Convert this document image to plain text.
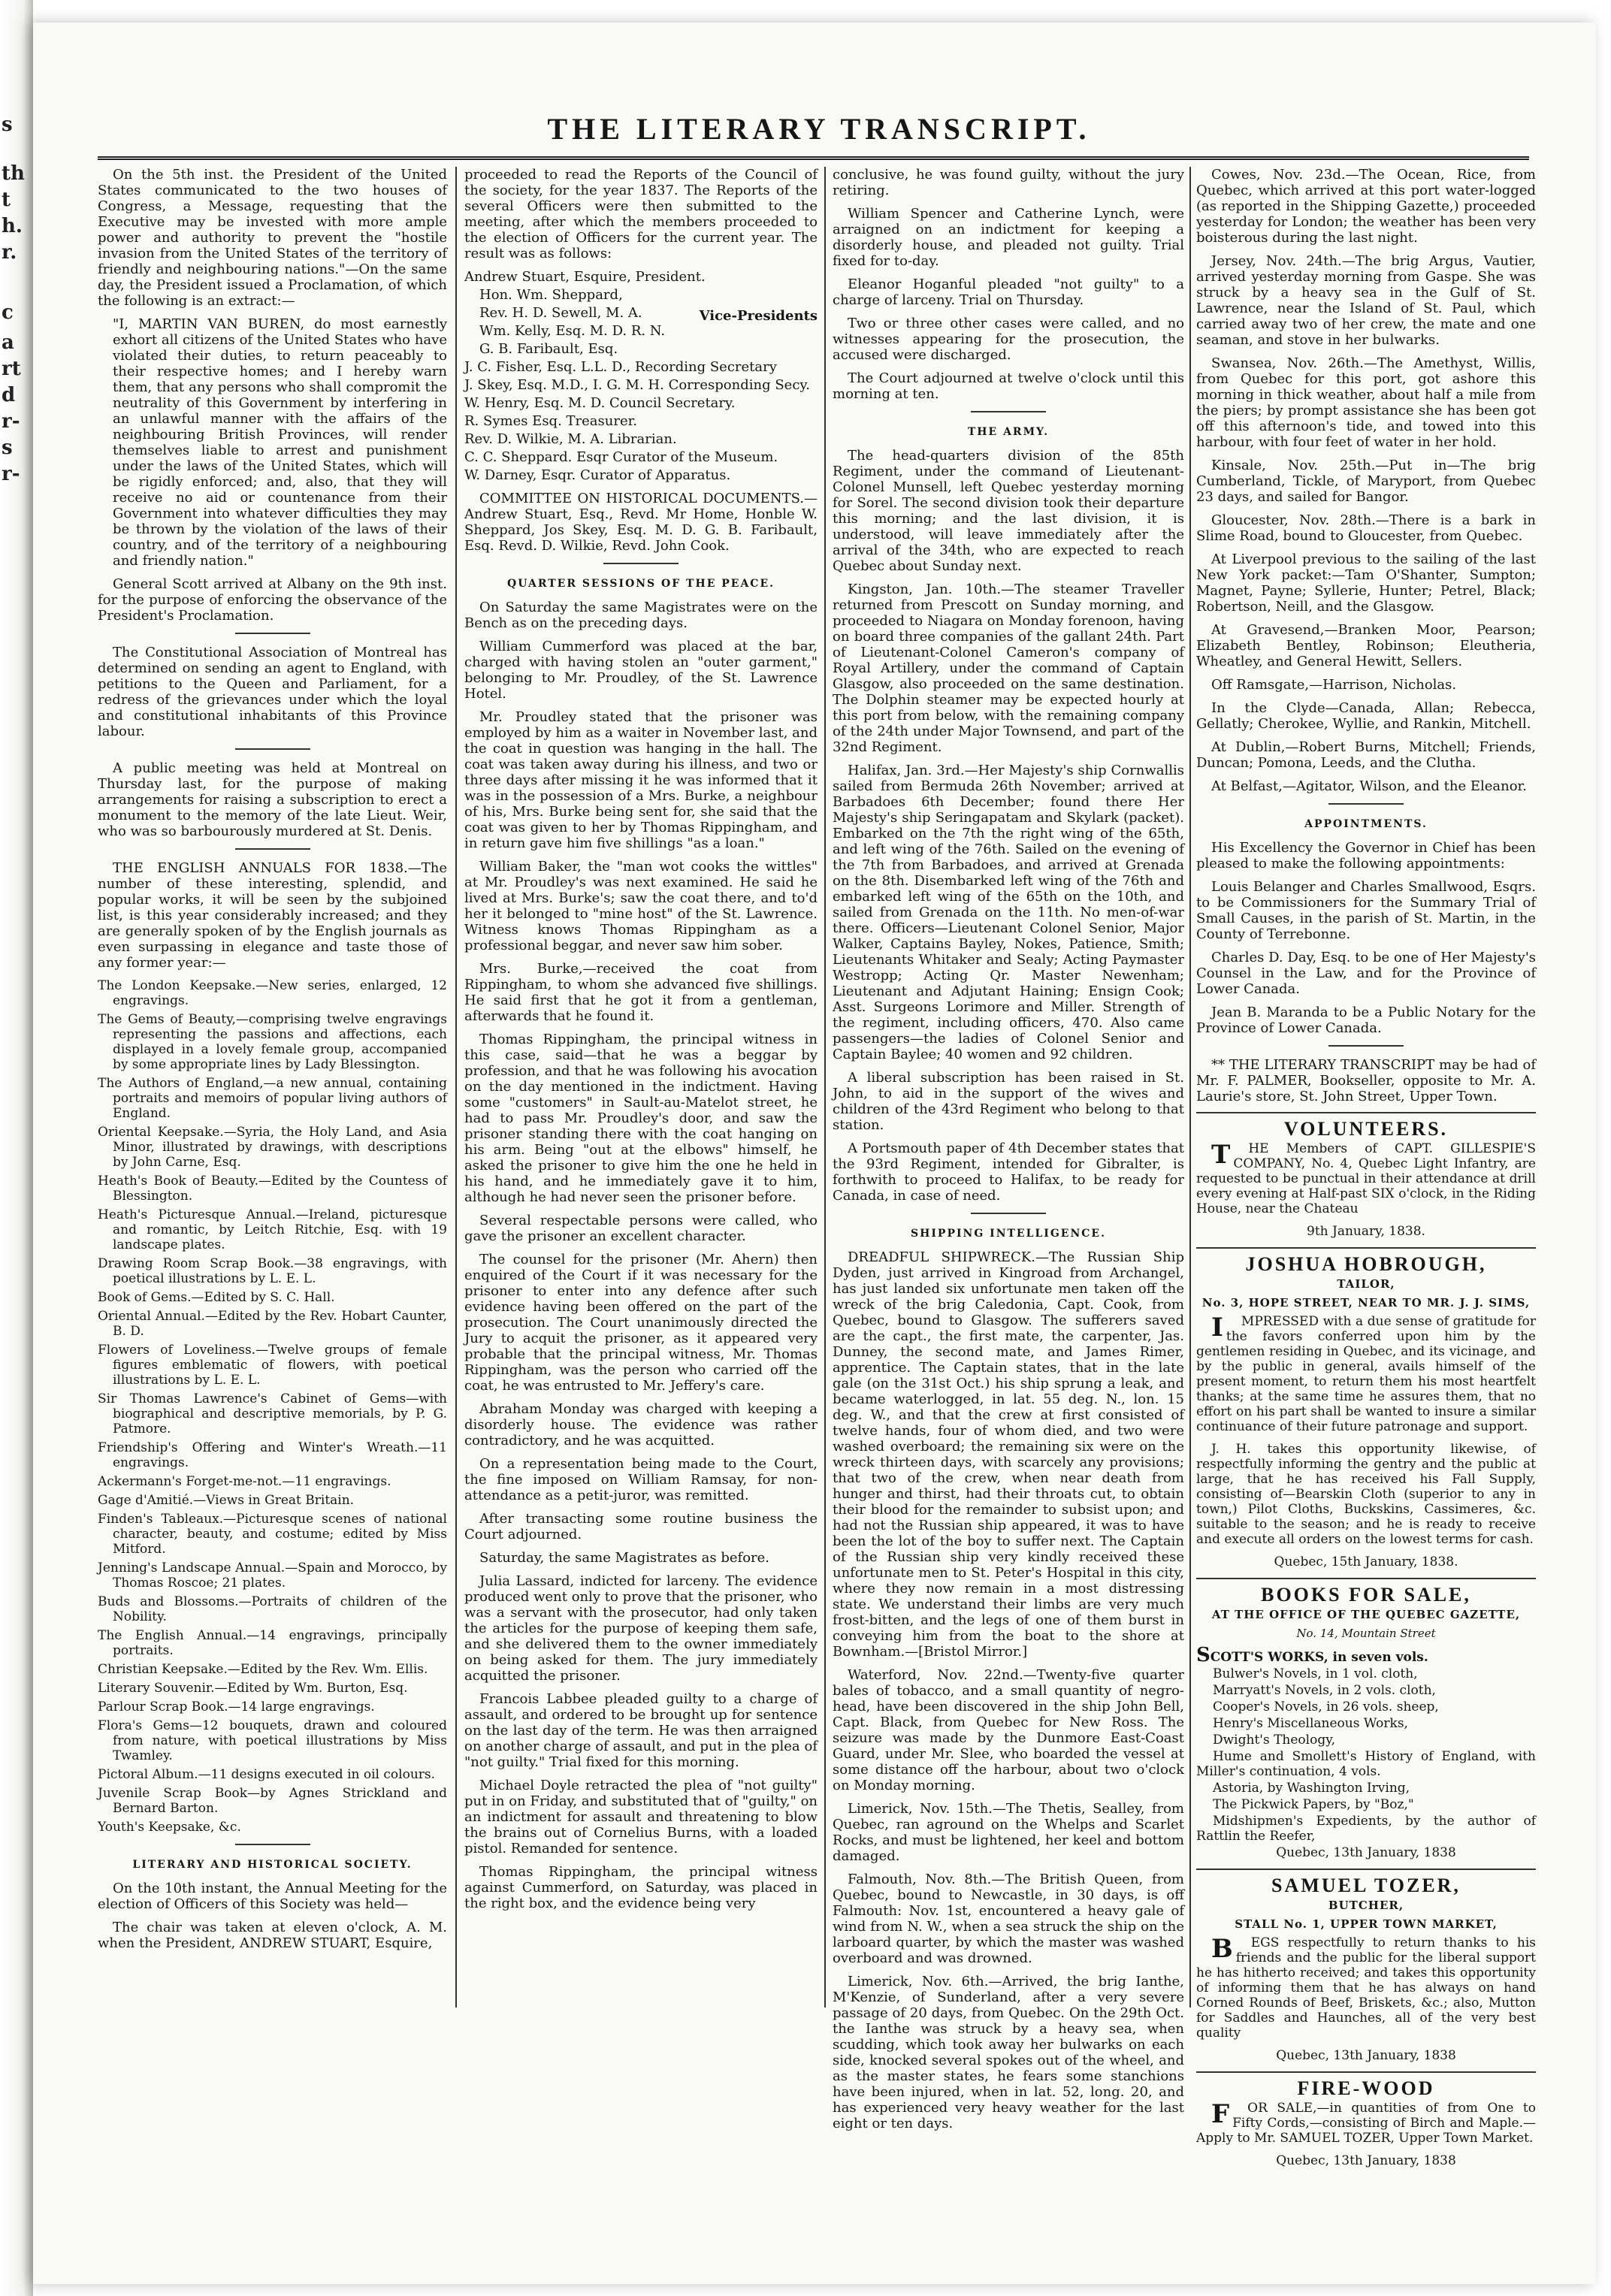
s
th
t
h.
r.
c
a
rt
d
r-
s
r-
THE LITERARY TRANSCRIPT.

On the 5th inst. the President of the United States communicated to the two houses of Congress, a Message, requesting that the Executive may be invested with more ample power and authority to prevent the "hostile invasion from the United States of the territory of friendly and neighbouring nations."—On the same day, the President issued a Proclamation, of which the following is an extract:—

"I, MARTIN VAN BUREN, do most earnestly exhort all citizens of the United States who have violated their duties, to return peaceably to their respective homes; and I hereby warn them, that any persons who shall compromit the neutrality of this Government by interfering in an unlawful manner with the affairs of the neighbouring British Provinces, will render themselves liable to arrest and punishment under the laws of the United States, which will be rigidly enforced; and, also, that they will receive no aid or countenance from their Government into whatever difficulties they may be thrown by the violation of the laws of their country, and of the territory of a neighbouring and friendly nation."

General Scott arrived at Albany on the 9th inst. for the purpose of enforcing the observance of the President's Proclamation.

The Constitutional Association of Montreal has determined on sending an agent to England, with petitions to the Queen and Parliament, for a redress of the grievances under which the loyal and constitutional inhabitants of this Province labour.

A public meeting was held at Montreal on Thursday last, for the purpose of making arrangements for raising a subscription to erect a monument to the memory of the late Lieut. Weir, who was so barbourously murdered at St. Denis.

THE ENGLISH ANNUALS FOR 1838.—The number of these interesting, splendid, and popular works, it will be seen by the subjoined list, is this year considerably increased; and they are generally spoken of by the English journals as even surpassing in elegance and taste those of any former year:—

The London Keepsake.—New series, enlarged, 12 engravings.
The Gems of Beauty,—comprising twelve engravings representing the passions and affections, each displayed in a lovely female group, accompanied by some appropriate lines by Lady Blessington.
The Authors of England,—a new annual, containing portraits and memoirs of popular living authors of England.
Oriental Keepsake.—Syria, the Holy Land, and Asia Minor, illustrated by drawings, with descriptions by John Carne, Esq.
Heath's Book of Beauty.—Edited by the Countess of Blessington.
Heath's Picturesque Annual.—Ireland, picturesque and romantic, by Leitch Ritchie, Esq. with 19 landscape plates.
Drawing Room Scrap Book.—38 engravings, with poetical illustrations by L. E. L.
Book of Gems.—Edited by S. C. Hall.
Oriental Annual.—Edited by the Rev. Hobart Caunter, B. D.
Flowers of Loveliness.—Twelve groups of female figures emblematic of flowers, with poetical illustrations by L. E. L.
Sir Thomas Lawrence's Cabinet of Gems—with biographical and descriptive memorials, by P. G. Patmore.
Friendship's Offering and Winter's Wreath.—11 engravings.
Ackermann's Forget-me-not.—11 engravings.
Gage d'Amitié.—Views in Great Britain.
Finden's Tableaux.—Picturesque scenes of national character, beauty, and costume; edited by Miss Mitford.
Jenning's Landscape Annual.—Spain and Morocco, by Thomas Roscoe; 21 plates.
Buds and Blossoms.—Portraits of children of the Nobility.
The English Annual.—14 engravings, principally portraits.
Christian Keepsake.—Edited by the Rev. Wm. Ellis.
Literary Souvenir.—Edited by Wm. Burton, Esq.
Parlour Scrap Book.—14 large engravings.
Flora's Gems—12 bouquets, drawn and coloured from nature, with poetical illustrations by Miss Twamley.
Pictoral Album.—11 designs executed in oil colours.
Juvenile Scrap Book—by Agnes Strickland and Bernard Barton.
Youth's Keepsake, &c.
LITERARY AND HISTORICAL SOCIETY.

On the 10th instant, the Annual Meeting for the election of Officers of this Society was held—

The chair was taken at eleven o'clock, A. M. when the President, ANDREW STUART, Esquire,

proceeded to read the Reports of the Council of the society, for the year 1837. The Reports of the several Officers were then submitted to the meeting, after which the members proceeded to the election of Officers for the current year. The result was as follows:

Andrew Stuart, Esquire, President.
Hon. Wm. Sheppard,
Rev. H. D. Sewell, M. A.
Wm. Kelly, Esq. M. D. R. N.
G. B. Faribault, Esq.
Vice-Presidents
J. C. Fisher, Esq. L.L. D., Recording Secretary
J. Skey, Esq. M.D., I. G. M. H. Corresponding Secy.
W. Henry, Esq. M. D. Council Secretary.
R. Symes Esq. Treasurer.
Rev. D. Wilkie, M. A. Librarian.
C. C. Sheppard. Esqr Curator of the Museum.
W. Darney, Esqr. Curator of Apparatus.

COMMITTEE ON HISTORICAL DOCUMENTS.—Andrew Stuart, Esq., Revd. Mr Home, Honble W. Sheppard, Jos Skey, Esq. M. D. G. B. Faribault, Esq. Revd. D. Wilkie, Revd. John Cook.

QUARTER SESSIONS OF THE PEACE.

On Saturday the same Magistrates were on the Bench as on the preceding days.

William Cummerford was placed at the bar, charged with having stolen an "outer garment," belonging to Mr. Proudley, of the St. Lawrence Hotel.

Mr. Proudley stated that the prisoner was employed by him as a waiter in November last, and the coat in question was hanging in the hall. The coat was taken away during his illness, and two or three days after missing it he was informed that it was in the possession of a Mrs. Burke, a neighbour of his, Mrs. Burke being sent for, she said that the coat was given to her by Thomas Rippingham, and in return gave him five shillings "as a loan."

William Baker, the "man wot cooks the wittles" at Mr. Proudley's was next examined. He said he lived at Mrs. Burke's; saw the coat there, and to'd her it belonged to "mine host" of the St. Lawrence. Witness knows Thomas Rippingham as a professional beggar, and never saw him sober.

Mrs. Burke,—received the coat from Rippingham, to whom she advanced five shillings. He said first that he got it from a gentleman, afterwards that he found it.

Thomas Rippingham, the principal witness in this case, said—that he was a beggar by profession, and that he was following his avocation on the day mentioned in the indictment. Having some "customers" in Sault-au-Matelot street, he had to pass Mr. Proudley's door, and saw the prisoner standing there with the coat hanging on his arm. Being "out at the elbows" himself, he asked the prisoner to give him the one he held in his hand, and he immediately gave it to him, although he had never seen the prisoner before.

Several respectable persons were called, who gave the prisoner an excellent character.

The counsel for the prisoner (Mr. Ahern) then enquired of the Court if it was necessary for the prisoner to enter into any defence after such evidence having been offered on the part of the prosecution. The Court unanimously directed the Jury to acquit the prisoner, as it appeared very probable that the principal witness, Mr. Thomas Rippingham, was the person who carried off the coat, he was entrusted to Mr. Jeffery's care.

Abraham Monday was charged with keeping a disorderly house. The evidence was rather contradictory, and he was acquitted.

On a representation being made to the Court, the fine imposed on William Ramsay, for non-attendance as a petit-juror, was remitted.

After transacting some routine business the Court adjourned.

Saturday, the same Magistrates as before.

Julia Lassard, indicted for larceny. The evidence produced went only to prove that the prisoner, who was a servant with the prosecutor, had only taken the articles for the purpose of keeping them safe, and she delivered them to the owner immediately on being asked for them. The jury immediately acquitted the prisoner.

Francois Labbee pleaded guilty to a charge of assault, and ordered to be brought up for sentence on the last day of the term. He was then arraigned on another charge of assault, and put in the plea of "not guilty." Trial fixed for this morning.

Michael Doyle retracted the plea of "not guilty" put in on Friday, and substituted that of "guilty," on an indictment for assault and threatening to blow the brains out of Cornelius Burns, with a loaded pistol. Remanded for sentence.

Thomas Rippingham, the principal witness against Cummerford, on Saturday, was placed in the right box, and the evidence being very

conclusive, he was found guilty, without the jury retiring.

William Spencer and Catherine Lynch, were arraigned on an indictment for keeping a disorderly house, and pleaded not guilty. Trial fixed for to-day.

Eleanor Hoganful pleaded "not guilty" to a charge of larceny. Trial on Thursday.

Two or three other cases were called, and no witnesses appearing for the prosecution, the accused were discharged.

The Court adjourned at twelve o'clock until this morning at ten.

THE ARMY.

The head-quarters division of the 85th Regiment, under the command of Lieutenant-Colonel Munsell, left Quebec yesterday morning for Sorel. The second division took their departure this morning; and the last division, it is understood, will leave immediately after the arrival of the 34th, who are expected to reach Quebec about Sunday next.

Kingston, Jan. 10th.—The steamer Traveller returned from Prescott on Sunday morning, and proceeded to Niagara on Monday forenoon, having on board three companies of the gallant 24th. Part of Lieutenant-Colonel Cameron's company of Royal Artillery, under the command of Captain Glasgow, also proceeded on the same destination. The Dolphin steamer may be expected hourly at this port from below, with the remaining company of the 24th under Major Townsend, and part of the 32nd Regiment.

Halifax, Jan. 3rd.—Her Majesty's ship Cornwallis sailed from Bermuda 26th November; arrived at Barbadoes 6th December; found there Her Majesty's ship Seringapatam and Skylark (packet). Embarked on the 7th the right wing of the 65th, and left wing of the 76th. Sailed on the evening of the 7th from Barbadoes, and arrived at Grenada on the 8th. Disembarked left wing of the 76th and embarked left wing of the 65th on the 10th, and sailed from Grenada on the 11th. No men-of-war there. Officers—Lieutenant Colonel Senior, Major Walker, Captains Bayley, Nokes, Patience, Smith; Lieutenants Whitaker and Sealy; Acting Paymaster Westropp; Acting Qr. Master Newenham; Lieutenant and Adjutant Haining; Ensign Cook; Asst. Surgeons Lorimore and Miller. Strength of the regiment, including officers, 470. Also came passengers—the ladies of Colonel Senior and Captain Baylee; 40 women and 92 children.

A liberal subscription has been raised in St. John, to aid in the support of the wives and children of the 43rd Regiment who belong to that station.

A Portsmouth paper of 4th December states that the 93rd Regiment, intended for Gibralter, is forthwith to proceed to Halifax, to be ready for Canada, in case of need.

SHIPPING INTELLIGENCE.

DREADFUL SHIPWRECK.—The Russian Ship Dyden, just arrived in Kingroad from Archangel, has just landed six unfortunate men taken off the wreck of the brig Caledonia, Capt. Cook, from Quebec, bound to Glasgow. The sufferers saved are the capt., the first mate, the carpenter, Jas. Dunney, the second mate, and James Rimer, apprentice. The Captain states, that in the late gale (on the 31st Oct.) his ship sprung a leak, and became waterlogged, in lat. 55 deg. N., lon. 15 deg. W., and that the crew at first consisted of twelve hands, four of whom died, and two were washed overboard; the remaining six were on the wreck thirteen days, with scarcely any provisions; that two of the crew, when near death from hunger and thirst, had their throats cut, to obtain their blood for the remainder to subsist upon; and had not the Russian ship appeared, it was to have been the lot of the boy to suffer next. The Captain of the Russian ship very kindly received these unfortunate men to St. Peter's Hospital in this city, where they now remain in a most distressing state. We understand their limbs are very much frost-bitten, and the legs of one of them burst in conveying him from the boat to the shore at Bownham.—[Bristol Mirror.]

Waterford, Nov. 22nd.—Twenty-five quarter bales of tobacco, and a small quantity of negro-head, have been discovered in the ship John Bell, Capt. Black, from Quebec for New Ross. The seizure was made by the Dunmore East-Coast Guard, under Mr. Slee, who boarded the vessel at some distance off the harbour, about two o'clock on Monday morning.

Limerick, Nov. 15th.—The Thetis, Sealley, from Quebec, ran aground on the Whelps and Scarlet Rocks, and must be lightened, her keel and bottom damaged.

Falmouth, Nov. 8th.—The British Queen, from Quebec, bound to Newcastle, in 30 days, is off Falmouth: Nov. 1st, encountered a heavy gale of wind from N. W., when a sea struck the ship on the larboard quarter, by which the master was washed overboard and was drowned.

Limerick, Nov. 6th.—Arrived, the brig Ianthe, M'Kenzie, of Sunderland, after a very severe passage of 20 days, from Quebec. On the 29th Oct. the Ianthe was struck by a heavy sea, when scudding, which took away her bulwarks on each side, knocked several spokes out of the wheel, and as the master states, he fears some stanchions have been injured, when in lat. 52, long. 20, and has experienced very heavy weather for the last eight or ten days.

Cowes, Nov. 23d.—The Ocean, Rice, from Quebec, which arrived at this port water-logged (as reported in the Shipping Gazette,) proceeded yesterday for London; the weather has been very boisterous during the last night.

Jersey, Nov. 24th.—The brig Argus, Vautier, arrived yesterday morning from Gaspe. She was struck by a heavy sea in the Gulf of St. Lawrence, near the Island of St. Paul, which carried away two of her crew, the mate and one seaman, and stove in her bulwarks.

Swansea, Nov. 26th.—The Amethyst, Willis, from Quebec for this port, got ashore this morning in thick weather, about half a mile from the piers; by prompt assistance she has been got off this afternoon's tide, and towed into this harbour, with four feet of water in her hold.

Kinsale, Nov. 25th.—Put in—The brig Cumberland, Tickle, of Maryport, from Quebec 23 days, and sailed for Bangor.

Gloucester, Nov. 28th.—There is a bark in Slime Road, bound to Gloucester, from Quebec.

At Liverpool previous to the sailing of the last New York packet:—Tam O'Shanter, Sumpton; Magnet, Payne; Syllerie, Hunter; Petrel, Black; Robertson, Neill, and the Glasgow.

At Gravesend,—Branken Moor, Pearson; Elizabeth Bentley, Robinson; Eleutheria, Wheatley, and General Hewitt, Sellers.

Off Ramsgate,—Harrison, Nicholas.

In the Clyde—Canada, Allan; Rebecca, Gellatly; Cherokee, Wyllie, and Rankin, Mitchell.

At Dublin,—Robert Burns, Mitchell; Friends, Duncan; Pomona, Leeds, and the Clutha.

At Belfast,—Agitator, Wilson, and the Eleanor.

APPOINTMENTS.

His Excellency the Governor in Chief has been pleased to make the following appointments:

Louis Belanger and Charles Smallwood, Esqrs. to be Commissioners for the Summary Trial of Small Causes, in the parish of St. Martin, in the County of Terrebonne.

Charles D. Day, Esq. to be one of Her Majesty's Counsel in the Law, and for the Province of Lower Canada.

Jean B. Maranda to be a Public Notary for the Province of Lower Canada.

** THE LITERARY TRANSCRIPT may be had of Mr. F. PALMER, Bookseller, opposite to Mr. A. Laurie's store, St. John Street, Upper Town.

VOLUNTEERS.

T HE Members of CAPT. GILLESPIE'S COMPANY, No. 4, Quebec Light Infantry, are requested to be punctual in their attendance at drill every evening at Half-past SIX o'clock, in the Riding House, near the Chateau

9th January, 1838.
JOSHUA HOBROUGH,
TAILOR,
No. 3, HOPE STREET, NEAR TO MR. J. J. SIMS,

I MPRESSED with a due sense of gratitude for the favors conferred upon him by the gentlemen residing in Quebec, and its vicinage, and by the public in general, avails himself of the present moment, to return them his most heartfelt thanks; at the same time he assures them, that no effort on his part shall be wanted to insure a similar continuance of their future patronage and support.

J. H. takes this opportunity likewise, of respectfully informing the gentry and the public at large, that he has received his Fall Supply, consisting of—Bearskin Cloth (superior to any in town,) Pilot Cloths, Buckskins, Cassimeres, &c. suitable to the season; and he is ready to receive and execute all orders on the lowest terms for cash.

Quebec, 15th January, 1838.
BOOKS FOR SALE,
AT THE OFFICE OF THE QUEBEC GAZETTE,
No. 14, Mountain Street
SCOTT'S WORKS, in seven vols.
Bulwer's Novels, in 1 vol. cloth,
Marryatt's Novels, in 2 vols. cloth,
Cooper's Novels, in 26 vols. sheep,
Henry's Miscellaneous Works,
Dwight's Theology,
Hume and Smollett's History of England, with Miller's continuation, 4 vols.
Astoria, by Washington Irving,
The Pickwick Papers, by "Boz,"
Midshipmen's Expedients, by the author of Rattlin the Reefer,
Quebec, 13th January, 1838
SAMUEL TOZER,
BUTCHER,
STALL No. 1, UPPER TOWN MARKET,

B EGS respectfully to return thanks to his friends and the public for the liberal support he has hitherto received; and takes this opportunity of informing them that he has always on hand Corned Rounds of Beef, Briskets, &c.; also, Mutton for Saddles and Haunches, all of the very best quality

Quebec, 13th January, 1838
FIRE-WOOD

F OR SALE,—in quantities of from One to Fifty Cords,—consisting of Birch and Maple.—Apply to Mr. SAMUEL TOZER, Upper Town Market.

Quebec, 13th January, 1838
